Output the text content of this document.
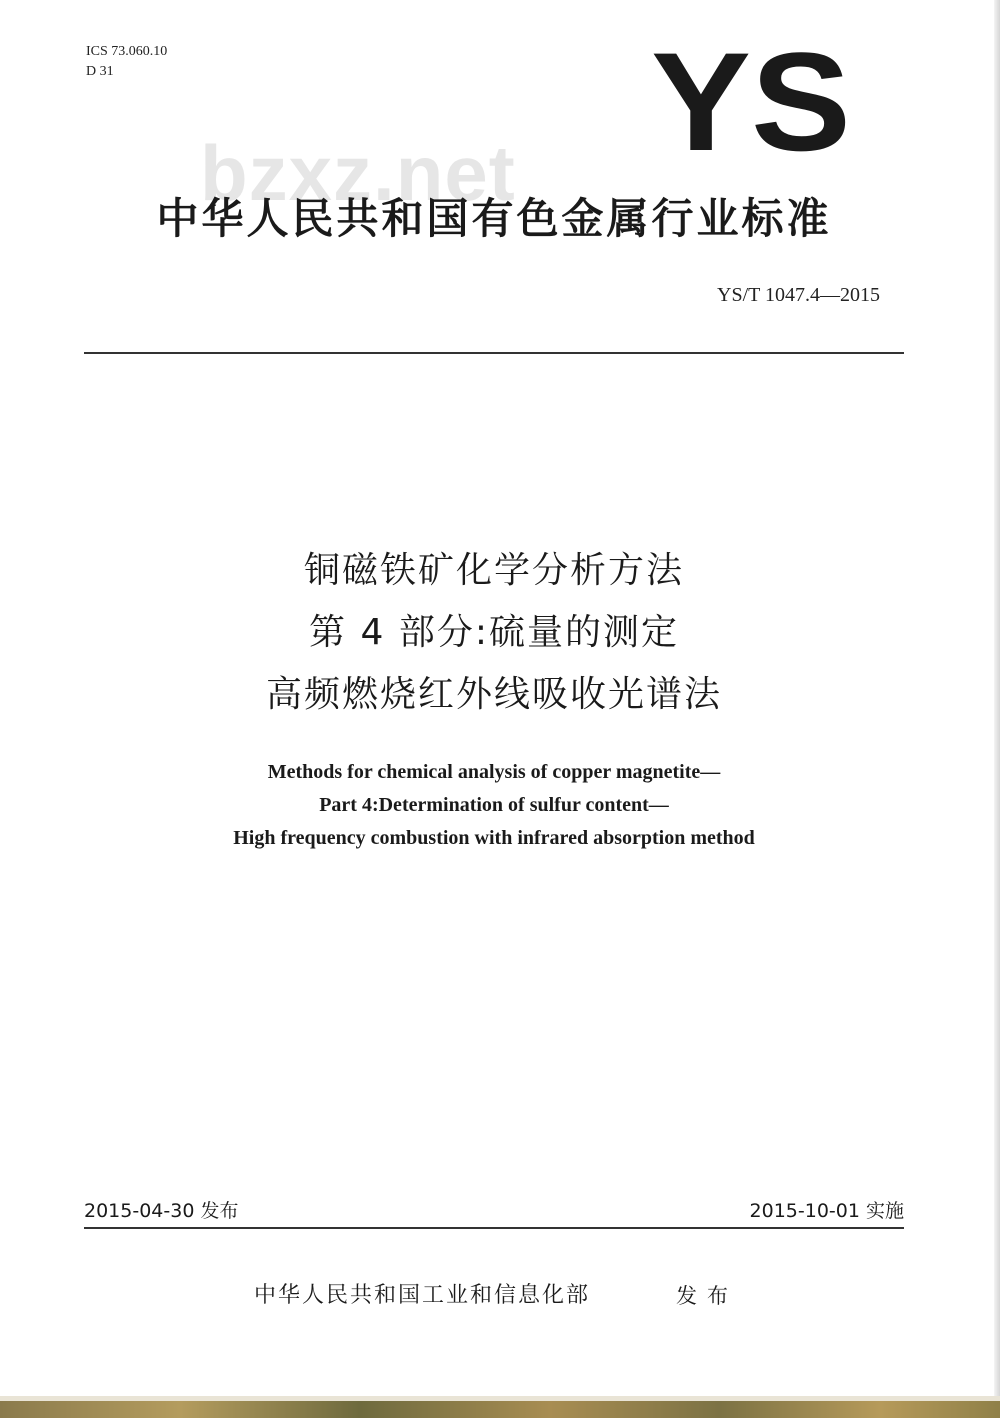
ICS 73.060.10
D 31
bzxz.net YS
中华人民共和国有色金属行业标准
YS/T 1047.4—2015
铜磁铁矿化学分析方法
第 4 部分:硫量的测定
高频燃烧红外线吸收光谱法
Methods for chemical analysis of copper magnetite—
Part 4:Determination of sulfur content—
High frequency combustion with infrared absorption method
2015-04-30 发布	2015-10-01 实施
中华人民共和国工业和信息化部	发布
